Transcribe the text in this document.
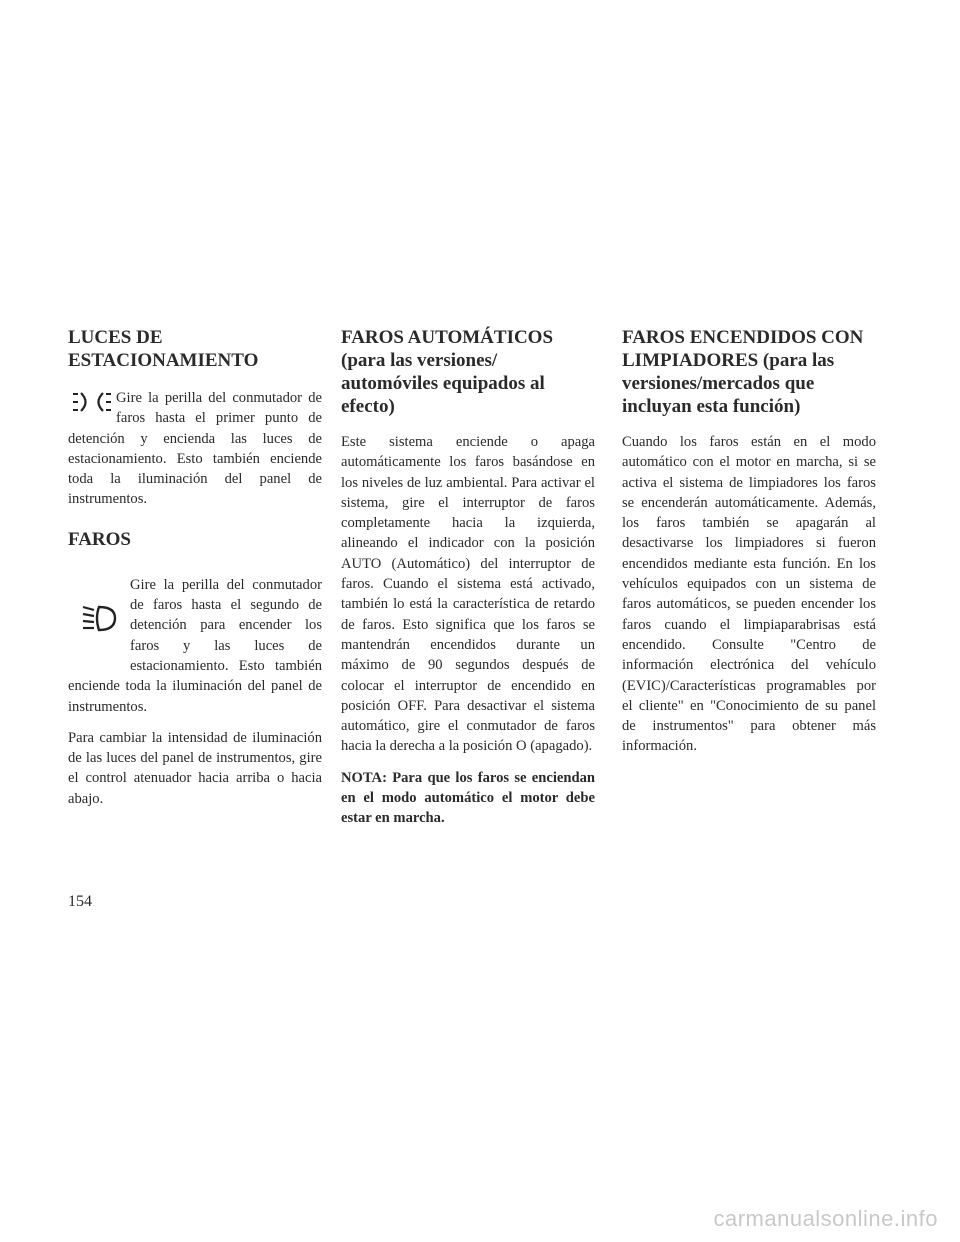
LUCES DE ESTACIONAMIENTO

Gire la perilla del conmutador de faros hasta el primer punto de detención y encienda las luces de estacionamiento. Esto también enciende toda la iluminación del panel de instrumentos.

FAROS

Gire la perilla del conmutador de faros hasta el segundo de detención para encender los faros y las luces de estacionamiento. Esto también enciende toda la iluminación del panel de instrumentos.

Para cambiar la intensidad de iluminación de las luces del panel de instrumentos, gire el control atenuador hacia arriba o hacia abajo.

FAROS AUTOMÁTICOS (para las versiones/ automóviles equipados al efecto)

Este sistema enciende o apaga automáticamente los faros basándose en los niveles de luz ambiental. Para activar el sistema, gire el interruptor de faros completamente hacia la izquierda, alineando el indicador con la posición AUTO (Automático) del interruptor de faros. Cuando el sistema está activado, también lo está la característica de retardo de faros. Esto significa que los faros se mantendrán encendidos durante un máximo de 90 segundos después de colocar el interruptor de encendido en posición OFF. Para desactivar el sistema automático, gire el conmutador de faros hacia la derecha a la posición O (apagado).

NOTA: Para que los faros se enciendan en el modo automático el motor debe estar en marcha.

FAROS ENCENDIDOS CON LIMPIADORES (para las versiones/mercados que incluyan esta función)

Cuando los faros están en el modo automático con el motor en marcha, si se activa el sistema de limpiadores los faros se encenderán automáticamente. Además, los faros también se apagarán al desactivarse los limpiadores si fueron encendidos mediante esta función. En los vehículos equipados con un sistema de faros automáticos, se pueden encender los faros cuando el limpiaparabrisas está encendido. Consulte "Centro de información electrónica del vehículo (EVIC)/Características programables por el cliente" en "Conocimiento de su panel de instrumentos" para obtener más información.

154
carmanualsonline.info
